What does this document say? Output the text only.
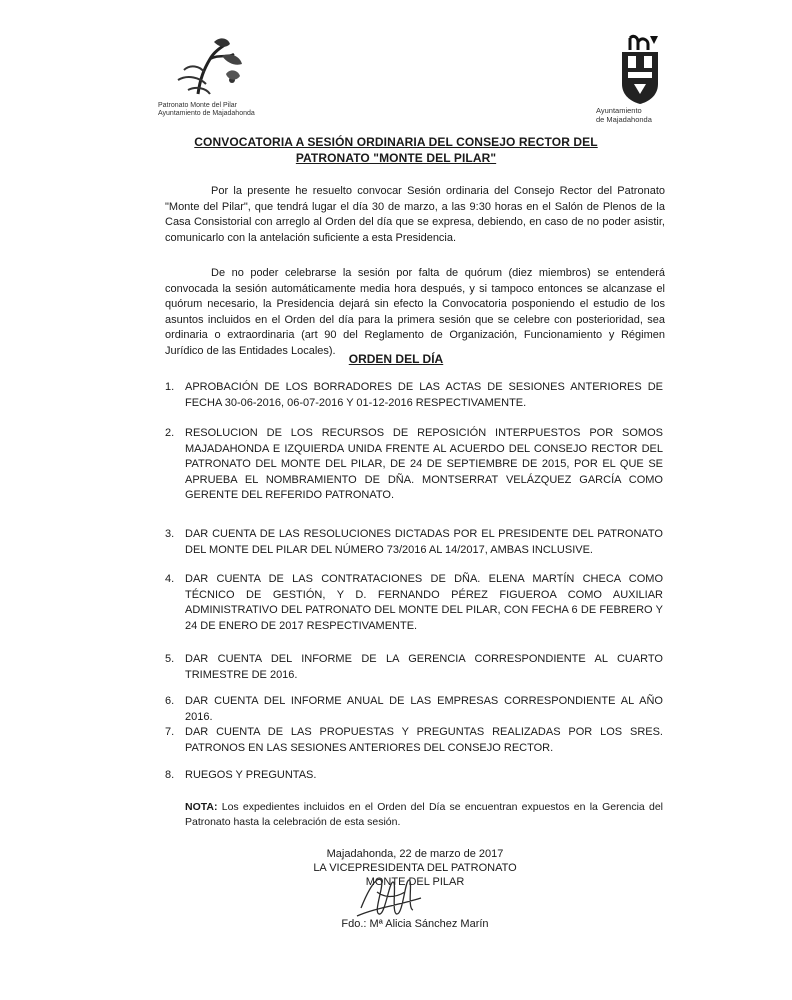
Patronato Monte del Pilar
Ayuntamiento de Majadahonda	Ayuntamiento
de Majadahonda
CONVOCATORIA A SESIÓN ORDINARIA DEL CONSEJO RECTOR DEL
PATRONATO "MONTE DEL PILAR"
Por la presente he resuelto convocar Sesión ordinaria del Consejo Rector del Patronato "Monte del Pilar", que tendrá lugar el día 30 de marzo, a las 9:30 horas en el Salón de Plenos de la Casa Consistorial con arreglo al Orden del día que se expresa, debiendo, en caso de no poder asistir, comunicarlo con la antelación suficiente a esta Presidencia.
De no poder celebrarse la sesión por falta de quórum (diez miembros) se entenderá convocada la sesión automáticamente media hora después, y si tampoco entonces se alcanzase el quórum necesario, la Presidencia dejará sin efecto la Convocatoria posponiendo el estudio de los asuntos incluidos en el Orden del día para la primera sesión que se celebre con posterioridad, sea ordinaria o extraordinaria (art 90 del Reglamento de Organización, Funcionamiento y Régimen Jurídico de las Entidades Locales).
ORDEN DEL DÍA
1. APROBACIÓN DE LOS BORRADORES DE LAS ACTAS DE SESIONES ANTERIORES DE FECHA 30-06-2016, 06-07-2016 Y 01-12-2016 RESPECTIVAMENTE.
2. RESOLUCION DE LOS RECURSOS DE REPOSICIÓN INTERPUESTOS POR SOMOS MAJADAHONDA E IZQUIERDA UNIDA FRENTE AL ACUERDO DEL CONSEJO RECTOR DEL PATRONATO DEL MONTE DEL PILAR, DE 24 DE SEPTIEMBRE DE 2015, POR EL QUE SE APRUEBA EL NOMBRAMIENTO DE DÑA. MONTSERRAT VELÁZQUEZ GARCÍA COMO GERENTE DEL REFERIDO PATRONATO.
3. DAR CUENTA DE LAS RESOLUCIONES DICTADAS POR EL PRESIDENTE DEL PATRONATO DEL MONTE DEL PILAR DEL NÚMERO 73/2016 AL 14/2017, AMBAS INCLUSIVE.
4. DAR CUENTA DE LAS CONTRATACIONES DE DÑA. ELENA MARTÍN CHECA COMO TÉCNICO DE GESTIÓN, Y D. FERNANDO PÉREZ FIGUEROA COMO AUXILIAR ADMINISTRATIVO DEL PATRONATO DEL MONTE DEL PILAR, CON FECHA 6 DE FEBRERO Y 24 DE ENERO DE 2017 RESPECTIVAMENTE.
5. DAR CUENTA DEL INFORME DE LA GERENCIA CORRESPONDIENTE AL CUARTO TRIMESTRE DE 2016.
6. DAR CUENTA DEL INFORME ANUAL DE LAS EMPRESAS CORRESPONDIENTE AL AÑO 2016.
7. DAR CUENTA DE LAS PROPUESTAS Y PREGUNTAS REALIZADAS POR LOS SRES. PATRONOS EN LAS SESIONES ANTERIORES DEL CONSEJO RECTOR.
8. RUEGOS Y PREGUNTAS.
NOTA: Los expedientes incluidos en el Orden del Día se encuentran expuestos en la Gerencia del Patronato hasta la celebración de esta sesión.
Majadahonda, 22 de marzo de 2017
LA VICEPRESIDENTA DEL PATRONATO
MONTE DEL PILAR
Fdo.: Mª Alicia Sánchez Marín
